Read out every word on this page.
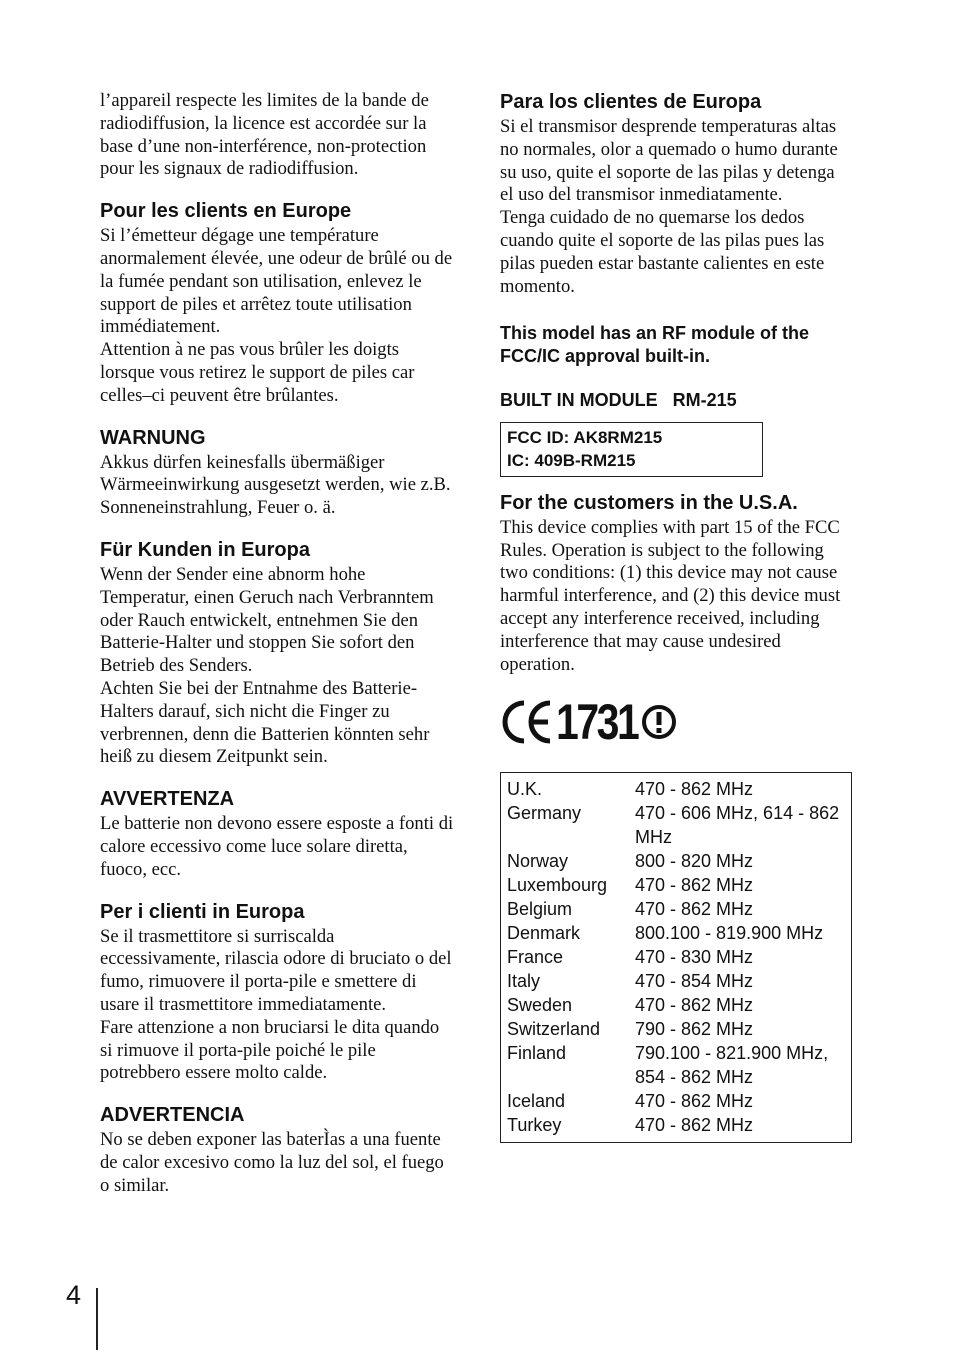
l’appareil respecte les limites de la bande de radiodiffusion, la licence est accordée sur la base d’une non-interférence, non-protection pour les signaux de radiodiffusion.

Pour les clients en Europe

Si l’émetteur dégage une température anormalement élevée, une odeur de brûlé ou de la fumée pendant son utilisation, enlevez le support de piles et arrêtez toute utilisation immédiatement.
Attention à ne pas vous brûler les doigts lorsque vous retirez le support de piles car celles–ci peuvent être brûlantes.

WARNUNG

Akkus dürfen keinesfalls übermäßiger Wärmeeinwirkung ausgesetzt werden, wie z.B. Sonneneinstrahlung, Feuer o. ä.

Für Kunden in Europa

Wenn der Sender eine abnorm hohe Temperatur, einen Geruch nach Verbranntem oder Rauch entwickelt, entnehmen Sie den Batterie-Halter und stoppen Sie sofort den Betrieb des Senders.
Achten Sie bei der Entnahme des Batterie-Halters darauf, sich nicht die Finger zu verbrennen, denn die Batterien könnten sehr heiß zu diesem Zeitpunkt sein.

AVVERTENZA

Le batterie non devono essere esposte a fonti di calore eccessivo come luce solare diretta, fuoco, ecc.

Per i clienti in Europa

Se il trasmettitore si surriscalda eccessivamente, rilascia odore di bruciato o del fumo, rimuovere il porta-pile e smettere di usare il trasmettitore immediatamente.
Fare attenzione a non bruciarsi le dita quando si rimuove il porta-pile poiché le pile potrebbero essere molto calde.

ADVERTENCIA

No se deben exponer las baterÌas a una fuente de calor excesivo como la luz del sol, el fuego o similar.

Para los clientes de Europa

Si el transmisor desprende temperaturas altas no normales, olor a quemado o humo durante su uso, quite el soporte de las pilas y detenga el uso del transmisor inmediatamente.
Tenga cuidado de no quemarse los dedos cuando quite el soporte de las pilas pues las pilas pueden estar bastante calientes en este momento.

This model has an RF module of the FCC/IC approval built-in.

BUILT IN MODULE   RM-215

FCC ID: AK8RM215
IC: 409B-RM215
For the customers in the U.S.A.

This device complies with part 15 of the FCC Rules. Operation is subject to the following two conditions: (1) this device may not cause harmful interference, and (2) this device must accept any interference received, including interference that may cause undesired operation.

1731
U.K.	470 - 862 MHz
Germany	470 - 606 MHz, 614 - 862 MHz
Norway	800 - 820 MHz
Luxembourg	470 - 862 MHz
Belgium	470 - 862 MHz
Denmark	800.100 - 819.900 MHz
France	470 - 830 MHz
Italy	470 - 854 MHz
Sweden	470 - 862 MHz
Switzerland	790 - 862 MHz
Finland	790.100 - 821.900 MHz, 854 - 862 MHz
Iceland	470 - 862 MHz
Turkey	470 - 862 MHz
4
